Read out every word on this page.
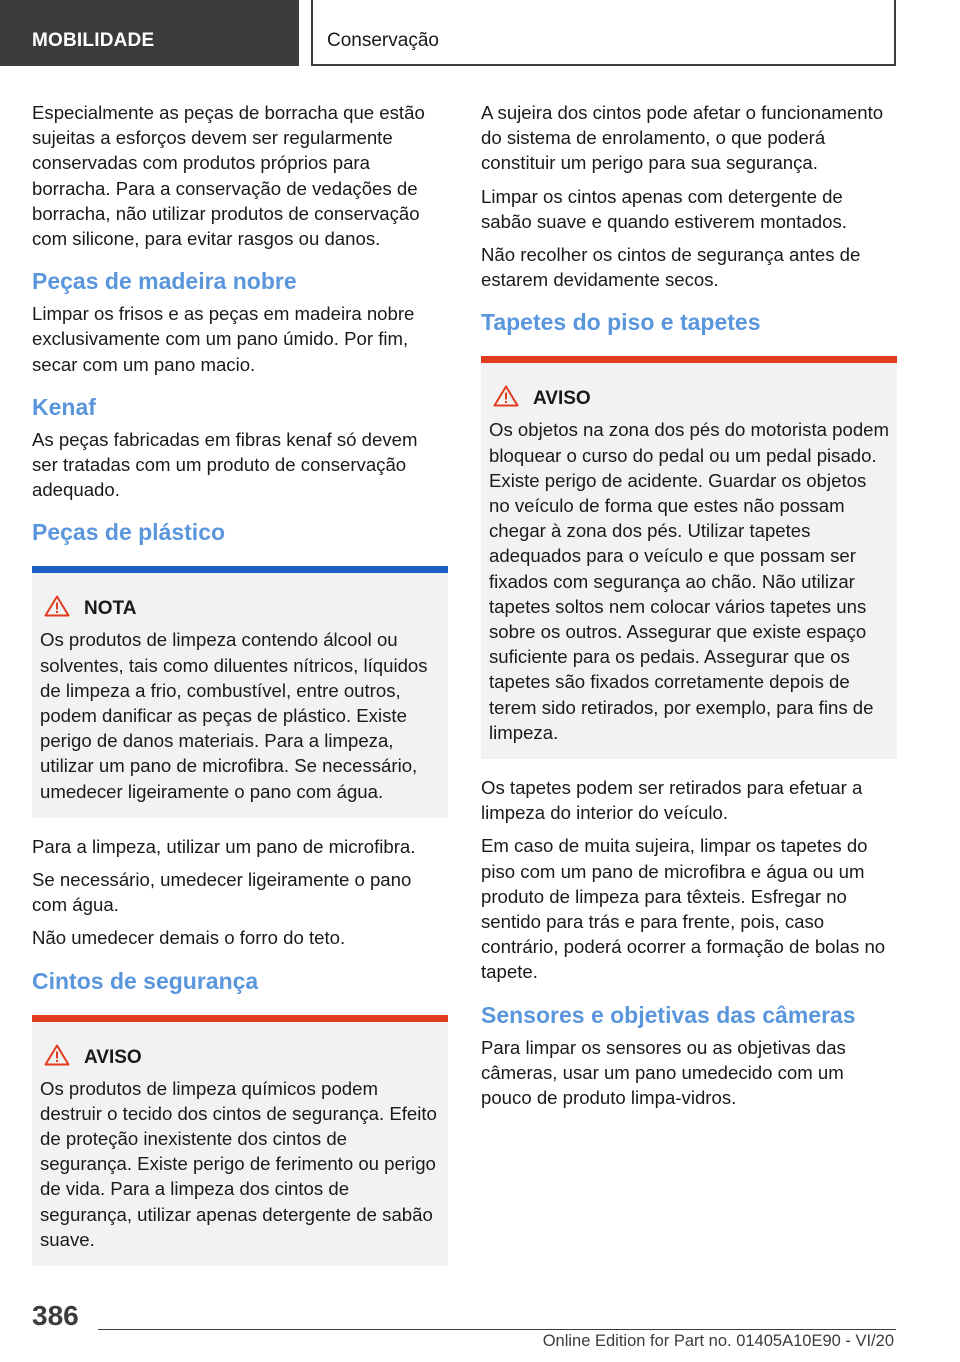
MOBILIDADE	Conservação

Especialmente as peças de borracha que estão sujeitas a esforços devem ser regularmente conservadas com produtos próprios para borracha. Para a conservação de vedações de borracha, não utilizar produtos de conservação com silicone, para evitar rasgos ou danos.

Peças de madeira nobre

Limpar os frisos e as peças em madeira nobre exclusivamente com um pano úmido. Por fim, secar com um pano macio.

Kenaf

As peças fabricadas em fibras kenaf só devem ser tratadas com um produto de conservação adequado.

Peças de plástico
NOTA

Os produtos de limpeza contendo álcool ou solventes, tais como diluentes nítricos, líquidos de limpeza a frio, combustível, entre outros, podem danificar as peças de plástico. Existe perigo de danos materiais. Para a limpeza, utilizar um pano de microfibra. Se necessário, umedecer ligeiramente o pano com água.

Para a limpeza, utilizar um pano de microfibra.

Se necessário, umedecer ligeiramente o pano com água.

Não umedecer demais o forro do teto.

Cintos de segurança
AVISO

Os produtos de limpeza químicos podem destruir o tecido dos cintos de segurança. Efeito de proteção inexistente dos cintos de segurança. Existe perigo de ferimento ou perigo de vida. Para a limpeza dos cintos de segurança, utilizar apenas detergente de sabão suave.

A sujeira dos cintos pode afetar o funcionamento do sistema de enrolamento, o que poderá constituir um perigo para sua segurança.

Limpar os cintos apenas com detergente de sabão suave e quando estiverem montados.

Não recolher os cintos de segurança antes de estarem devidamente secos.

Tapetes do piso e tapetes
AVISO

Os objetos na zona dos pés do motorista podem bloquear o curso do pedal ou um pedal pisado. Existe perigo de acidente. Guardar os objetos no veículo de forma que estes não possam chegar à zona dos pés. Utilizar tapetes adequados para o veículo e que possam ser fixados com segurança ao chão. Não utilizar tapetes soltos nem colocar vários tapetes uns sobre os outros. Assegurar que existe espaço suficiente para os pedais. Assegurar que os tapetes são fixados corretamente depois de terem sido retirados, por exemplo, para fins de limpeza.

Os tapetes podem ser retirados para efetuar a limpeza do interior do veículo.

Em caso de muita sujeira, limpar os tapetes do piso com um pano de microfibra e água ou um produto de limpeza para têxteis. Esfregar no sentido para trás e para frente, pois, caso contrário, poderá ocorrer a formação de bolas no tapete.

Sensores e objetivas das câmeras

Para limpar os sensores ou as objetivas das câmeras, usar um pano umedecido com um pouco de produto limpa-vidros.

386
Online Edition for Part no. 01405A10E90 - VI/20
